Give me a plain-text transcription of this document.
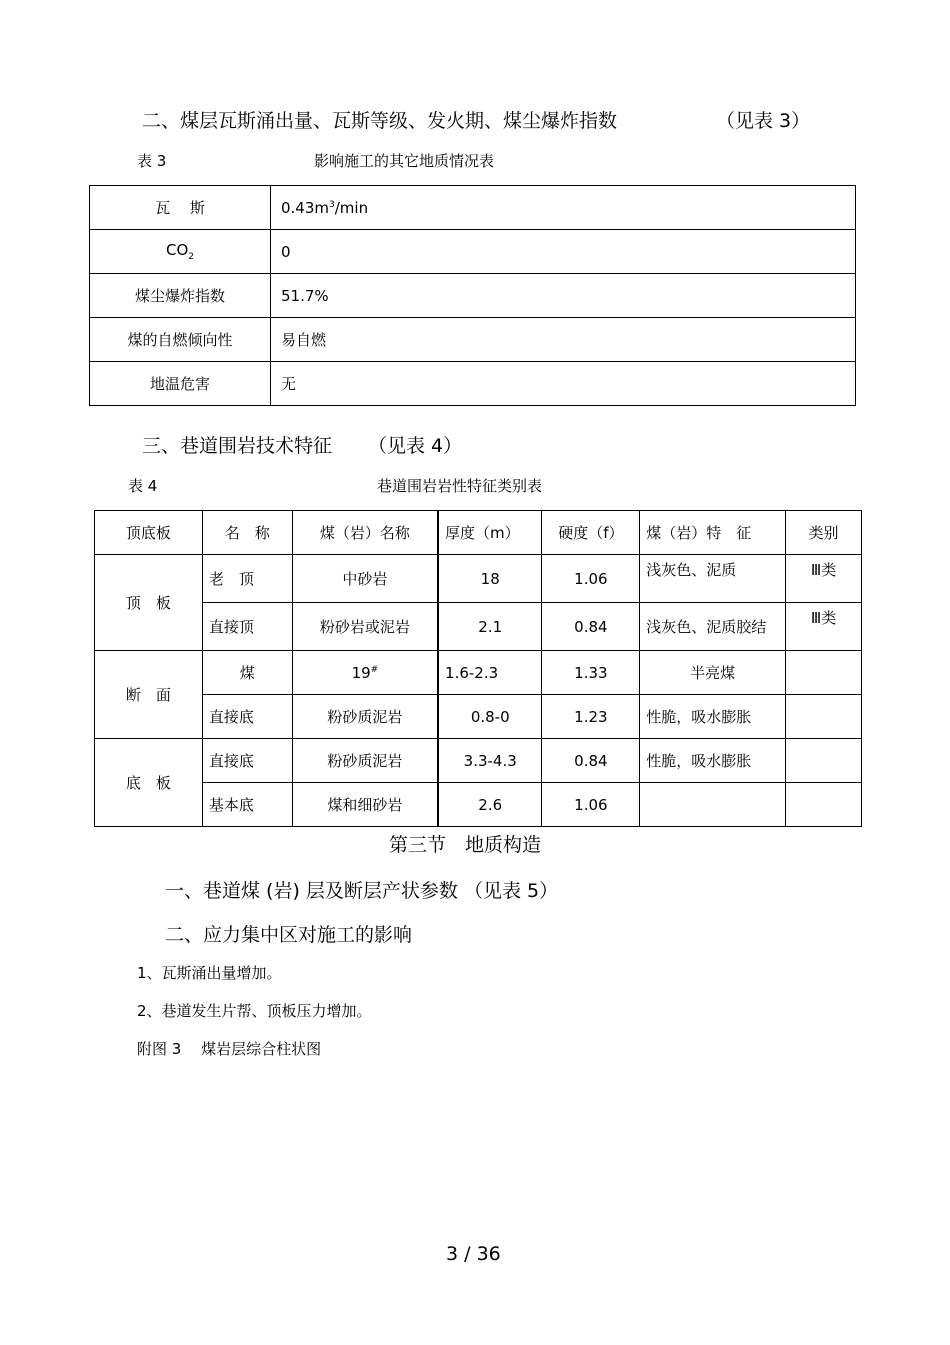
二、煤层瓦斯涌出量、瓦斯等级、发火期、煤尘爆炸指数	（见表 3）
表 3	影响施工的其它地质情况表
瓦　 斯	$0.43m^3/\min$
$CO_2$	0
煤尘爆炸指数	51.7%
煤的自燃倾向性	易自燃
地温危害	无
三、巷道围岩技术特征 （见表 4）
表 4	巷道围岩岩性特征类别表
顶底板	名　称	煤（岩）名称	厚度（m）	硬度（f）	煤（岩）特　征	类别
顶　板	老　顶	中砂岩	18	1.06	浅灰色、泥质	Ⅲ类
	直接顶	粉砂岩或泥岩	2.1	0.84	浅灰色、泥质胶结	Ⅲ类
断　面	煤	19#	1.6-2.3	1.33	半亮煤	
	直接底	粉砂质泥岩	0.8-0	1.23	性脆，吸水膨胀	
底　板	直接底	粉砂质泥岩	3.3-4.3	0.84	性脆，吸水膨胀	
	基本底	煤和细砂岩	2.6	1.06		
第三节　地质构造
一、巷道煤 (岩) 层及断层产状参数 （见表 5）
二、应力集中区对施工的影响
1、瓦斯涌出量增加。
2、巷道发生片帮、顶板压力增加。
附图 3　 煤岩层综合柱状图
3 / 36
